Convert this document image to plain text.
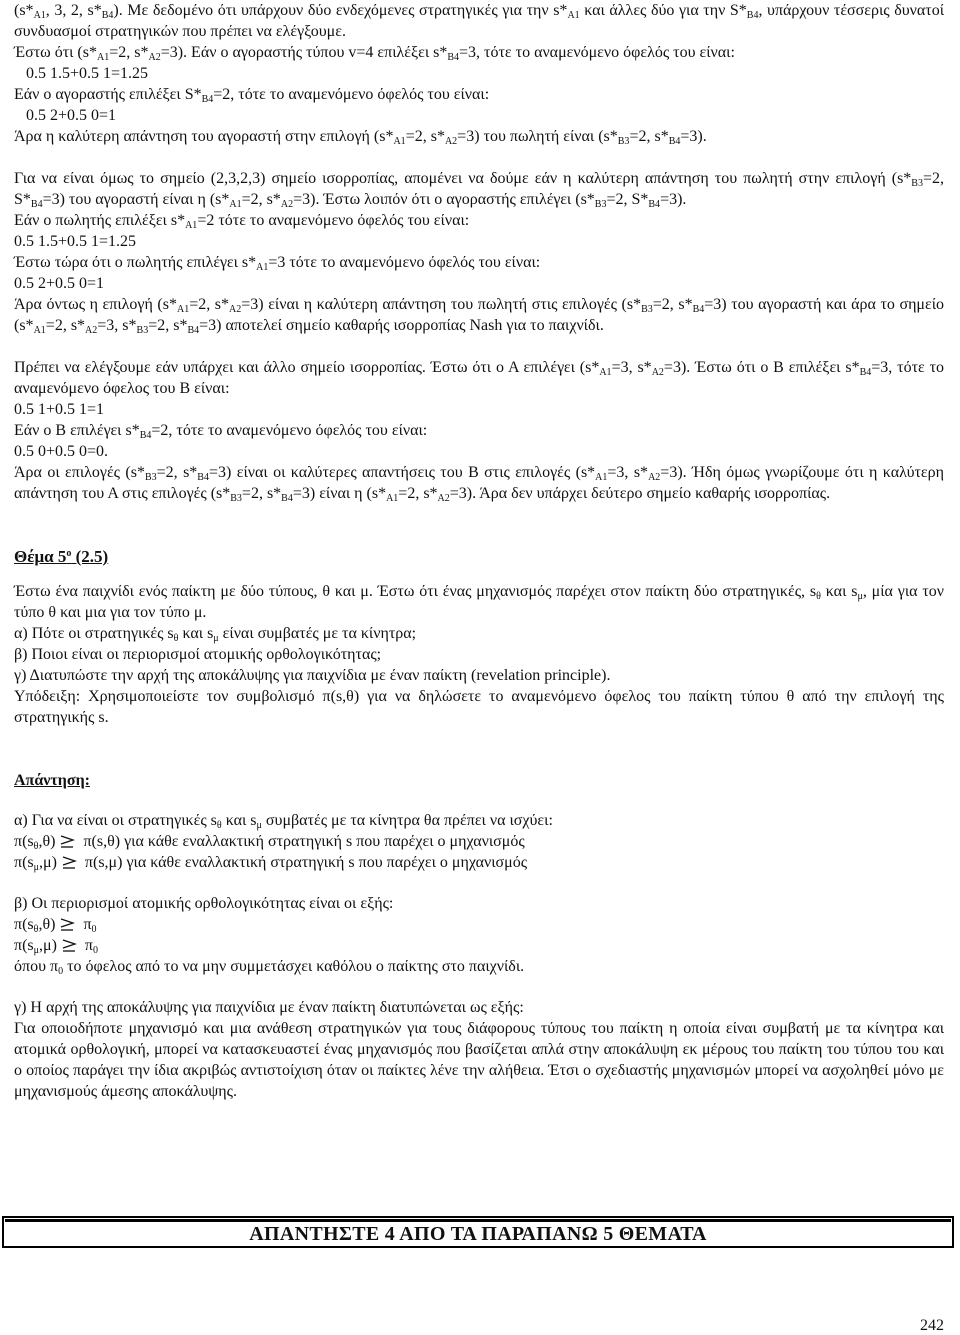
($s*_{A1}$, 3, 2, $s*_{B4}$). Με δεδομένο ότι υπάρχουν δύο ενδεχόμενες στρατηγικές για την $s*_{A1}$ και άλλες δύο για την $S*_{B4}$, υπάρχουν τέσσερις δυνατοί συνδυασμοί στρατηγικών που πρέπει να ελέγξουμε.

Έστω ότι ($s*_{A1}=2$, $s*_{A2}=3$). Εάν ο αγοραστής τύπου v=4 επιλέξει $s*_{B4}=3$, τότε το αναμενόμενο όφελός του είναι:

0.5 1.5+0.5 1=1.25

Εάν ο αγοραστής επιλέξει $S*_{B4}=2$, τότε το αναμενόμενο όφελός του είναι:

0.5 2+0.5 0=1

Άρα η καλύτερη απάντηση του αγοραστή στην επιλογή ($s*_{A1}=2$, $s*_{A2}=3$) του πωλητή είναι ($s*_{B3}=2$, $s*_{B4}=3$).

Για να είναι όμως το σημείο (2,3,2,3) σημείο ισορροπίας, απομένει να δούμε εάν η καλύτερη απάντηση του πωλητή στην επιλογή ($s*_{B3}=2$, $S*_{B4}=3$) του αγοραστή είναι η ($s*_{A1}=2$, $s*_{A2}=3$). Έστω λοιπόν ότι ο αγοραστής επιλέγει ($s*_{B3}=2$, $S*_{B4}=3$).

Εάν ο πωλητής επιλέξει $s*_{A1}=2$ τότε το αναμενόμενο όφελός του είναι:

0.5 1.5+0.5 1=1.25

Έστω τώρα ότι ο πωλητής επιλέγει $s*_{A1}=3$ τότε το αναμενόμενο όφελός του είναι:

0.5 2+0.5 0=1

Άρα όντως η επιλογή ($s*_{A1}=2$, $s*_{A2}=3$) είναι η καλύτερη απάντηση του πωλητή στις επιλογές ($s*_{B3}=2$, $s*_{B4}=3$) του αγοραστή και άρα το σημείο ($s*_{A1}=2$, $s*_{A2}=3$, $s*_{B3}=2$, $s*_{B4}=3$) αποτελεί σημείο καθαρής ισορροπίας Nash για το παιχνίδι.

Πρέπει να ελέγξουμε εάν υπάρχει και άλλο σημείο ισορροπίας. Έστω ότι ο Α επιλέγει ($s*_{A1}=3$, $s*_{A2}=3$). Έστω ότι ο Β επιλέξει $s*_{B4}=3$, τότε το αναμενόμενο όφελος του Β είναι:

0.5 1+0.5 1=1

Εάν ο Β επιλέγει $s*_{B4}=2$, τότε το αναμενόμενο όφελός του είναι:

0.5 0+0.5 0=0.

Άρα οι επιλογές ($s*_{B3}=2$, $s*_{B4}=3$) είναι οι καλύτερες απαντήσεις του Β στις επιλογές ($s*_{A1}=3$, $s*_{A2}=3$). Ήδη όμως γνωρίζουμε ότι η καλύτερη απάντηση του Α στις επιλογές ($s*_{B3}=2$, $s*_{B4}=3$) είναι η ($s*_{A1}=2$, $s*_{A2}=3$). Άρα δεν υπάρχει δεύτερο σημείο καθαρής ισορροπίας.

Θέμα $5^o$ (2.5)

Έστω ένα παιχνίδι ενός παίκτη με δύο τύπους, θ και μ. Έστω ότι ένας μηχανισμός παρέχει στον παίκτη δύο στρατηγικές, $s_\theta$ και $s_\mu$, μία για τον τύπο θ και μια για τον τύπο μ.

α) Πότε οι στρατηγικές $s_\theta$ και $s_\mu$ είναι συμβατές με τα κίνητρα;

β) Ποιοι είναι οι περιορισμοί ατομικής ορθολογικότητας;

γ) Διατυπώστε την αρχή της αποκάλυψης για παιχνίδια με έναν παίκτη (revelation principle).

Υπόδειξη: Χρησιμοποιείστε τον συμβολισμό π(s,θ) για να δηλώσετε το αναμενόμενο όφελος του παίκτη τύπου θ από την επιλογή της στρατηγικής s.

Απάντηση:

α) Για να είναι οι στρατηγικές $s_\theta$ και $s_\mu$ συμβατές με τα κίνητρα θα πρέπει να ισχύει:

$\pi(s_\theta,\theta)$ π(s,θ) για κάθε εναλλακτική στρατηγική s που παρέχει ο μηχανισμός

$\pi(s_\mu,\mu)$ π(s,μ) για κάθε εναλλακτική στρατηγική s που παρέχει ο μηχανισμός

β) Οι περιορισμοί ατομικής ορθολογικότητας είναι οι εξής:

$\pi(s_\theta,\theta)$ $\pi_0$

$\pi(s_\mu,\mu)$ $\pi_0$

όπου $\pi_0$ το όφελος από το να μην συμμετάσχει καθόλου ο παίκτης στο παιχνίδι.

γ) Η αρχή της αποκάλυψης για παιχνίδια με έναν παίκτη διατυπώνεται ως εξής:

Για οποιοδήποτε μηχανισμό και μια ανάθεση στρατηγικών για τους διάφορους τύπους του παίκτη η οποία είναι συμβατή με τα κίνητρα και ατομικά ορθολογική, μπορεί να κατασκευαστεί ένας μηχανισμός που βασίζεται απλά στην αποκάλυψη εκ μέρους του παίκτη του τύπου του και ο οποίος παράγει την ίδια ακριβώς αντιστοίχιση όταν οι παίκτες λένε την αλήθεια. Έτσι ο σχεδιαστής μηχανισμών μπορεί να ασχοληθεί μόνο με μηχανισμούς άμεσης αποκάλυψης.

ΑΠΑΝΤΗΣΤΕ 4 ΑΠΟ ΤΑ ΠΑΡΑΠΑΝΩ 5 ΘΕΜΑΤΑ
242
